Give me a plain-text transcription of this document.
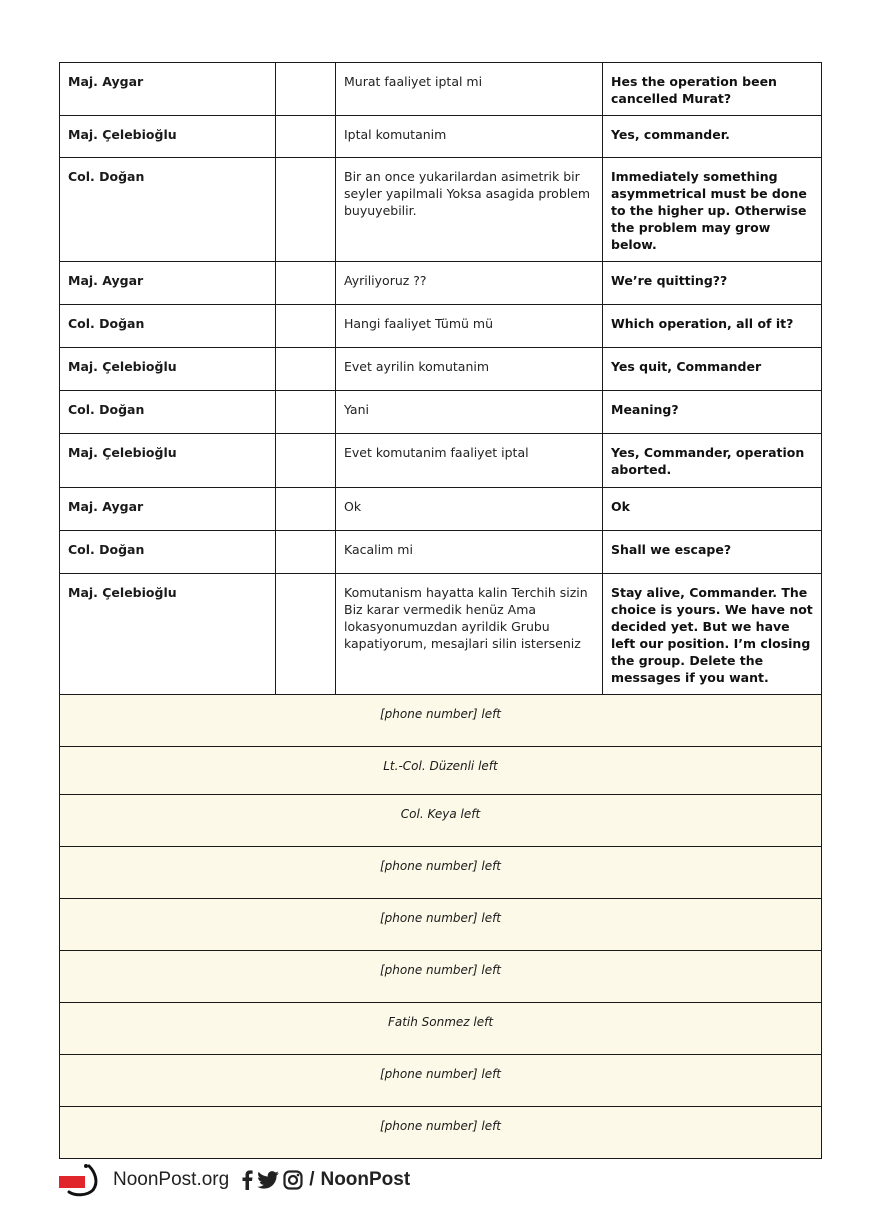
Maj. Aygar		Murat faaliyet iptal mi	Hes the operation been cancelled Murat?
Maj. Çelebioğlu		Iptal komutanim	Yes, commander.
Col. Doğan		Bir an once yukarilardan asimetrik bir seyler yapilmali Yoksa asagida problem buyuyebilir.	Immediately something asymmetrical must be done to the higher up. Otherwise the problem may grow below.
Maj. Aygar		Ayriliyoruz ??	We’re quitting??
Col. Doğan		Hangi faaliyet Tümü mü	Which operation, all of it?
Maj. Çelebioğlu		Evet ayrilin komutanim	Yes quit, Commander
Col. Doğan		Yani	Meaning?
Maj. Çelebioğlu		Evet komutanim faaliyet iptal	Yes, Commander, operation aborted.
Maj. Aygar		Ok	Ok
Col. Doğan		Kacalim mi	Shall we escape?
Maj. Çelebioğlu		Komutanism hayatta kalin Terchih sizin Biz karar vermedik henüz Ama lokasyonumuzdan ayrildik Grubu kapatiyorum, mesajlari silin isterseniz	Stay alive, Commander. The choice is yours. We have not decided yet. But we have left our position. I’m closing the group. Delete the messages if you want.
[phone number] left			
Lt.-Col. Düzenli left			
Col. Keya left			
[phone number] left			
[phone number] left			
[phone number] left			
Fatih Sonmez left			
[phone number] left			
[phone number] left			
NoonPost.org	/ NoonPost
